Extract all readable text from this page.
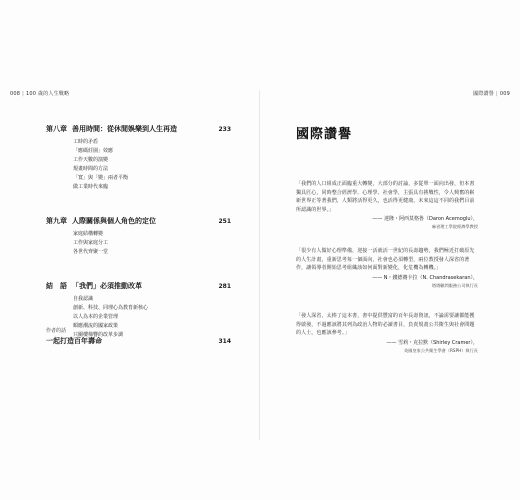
008 | 100 歲的人生戰略
第八章 善用時間：從休閒娛樂到人生再造	233
工時的矛盾
「應碼莊園」效應
工作天數的演變
規畫時間的方法
「寬」與「變」兩者平衡
做工業時代來臨
第九章 人際關係與個人角色的定位	251
家庭結構轉變
工作與家庭分工
各世代齊聚一堂
結　語 「我們」必須推動改革	281
自我認識
創新、科技、同理心為教育新核心
以人為本的企業管理
順應潮流的國家政策
只關樓梯響的改革步調
作者的話
一起打造百年壽命	314
國際讚譽 | 009
國際讚譽
「我們的人口組成正面臨重大轉變，大部分的討論，多從單一面向出發，但本書獨具匠心，同時整合經濟學、心理學、社會學，主張具有挑戰性，令人興奮的嶄新世界正等著我們，人類將活得更久，也活得更健康，未來這這不同的我們目前所認識的世界。」
—— 達隆・阿西莫格魯（Daron Acemoglu），
麻省理工學院經濟學教授
「很少有人做好心理準備，迎接一活就活一世紀的長壽趨勢，我們極近打破原先的人生計畫，重新思考每一個面向，社會也必須轉型，兩位教授發人深省的著作，讓領導者開始思考組織該如何面對新變化，化危機為轉機。」
—— N・錢德賽卡拉（N. Chandrasekaran），
塔塔顧問服務公司執行長
「發人深省，太棒了這本書，書中提供豐富的百年長壽資訊，不論需要讓都能獲得啟發，不過應該將其列為政治人物的必讀書目，負責規畫公共衛生與社會問題的人士，也應該參考。」
—— 雪莉・克拉默（Shirley Cramer），
英國皇家公共衛生學會（RSPH）執行長
